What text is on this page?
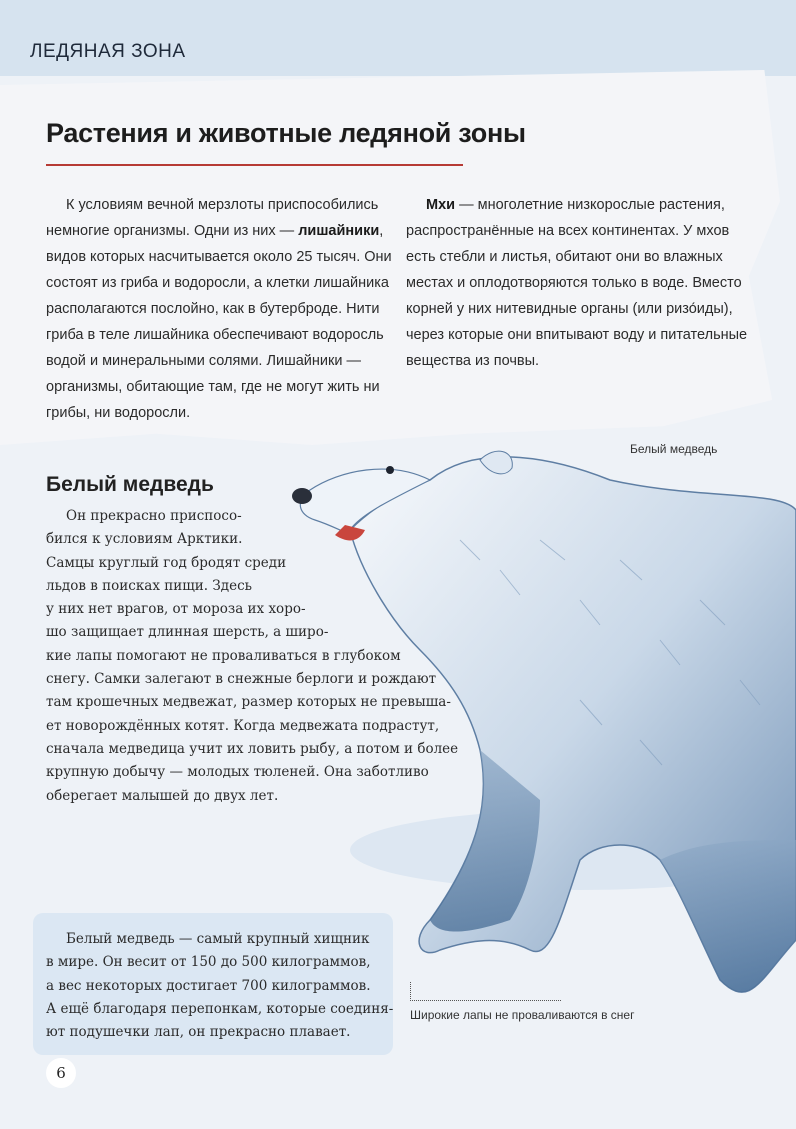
ЛЕДЯНАЯ ЗОНА
Растения и животные ледяной зоны

К условиям вечной мерзлоты приспособились немногие организмы. Одни из них — лишайники, видов которых насчитывается около 25 тысяч. Они состоят из гриба и водоросли, а клетки лишайника располагаются послойно, как в бутерброде. Нити гриба в теле лишайника обеспечивают водоросль водой и минеральными солями. Лишайники — организмы, обитающие там, где не могут жить ни грибы, ни водоросли.

Мхи — многолетние низкорослые растения, распространённые на всех континентах. У мхов есть стебли и листья, обитают они во влажных местах и оплодотворяются только в воде. Вместо корней у них нитевидные органы (или ризо́иды), через которые они впитывают воду и питательные вещества из почвы.

Белый медведь
Белый медведь
Он прекрасно приспосо-
бился к условиям Арктики.
Самцы круглый год бродят среди
льдов в поисках пищи. Здесь
у них нет врагов, от мороза их хоро-
шо защищает длинная шерсть, а широ-
кие лапы помогают не проваливаться в глубоком
снегу. Самки залегают в снежные берлоги и рождают
там крошечных медвежат, размер которых не превыша-
ет новорождённых котят. Когда медвежата подрастут,
сначала медведица учит их ловить рыбу, а потом и более
крупную добычу — молодых тюленей. Она заботливо
оберегает малышей до двух лет.
Белый медведь — самый крупный хищник
в мире. Он весит от 150 до 500 килограммов,
а вес некоторых достигает 700 килограммов.
А ещё благодаря перепонкам, которые соединя-
ют подушечки лап, он прекрасно плавает.
Широкие лапы не проваливаются в снег
6
